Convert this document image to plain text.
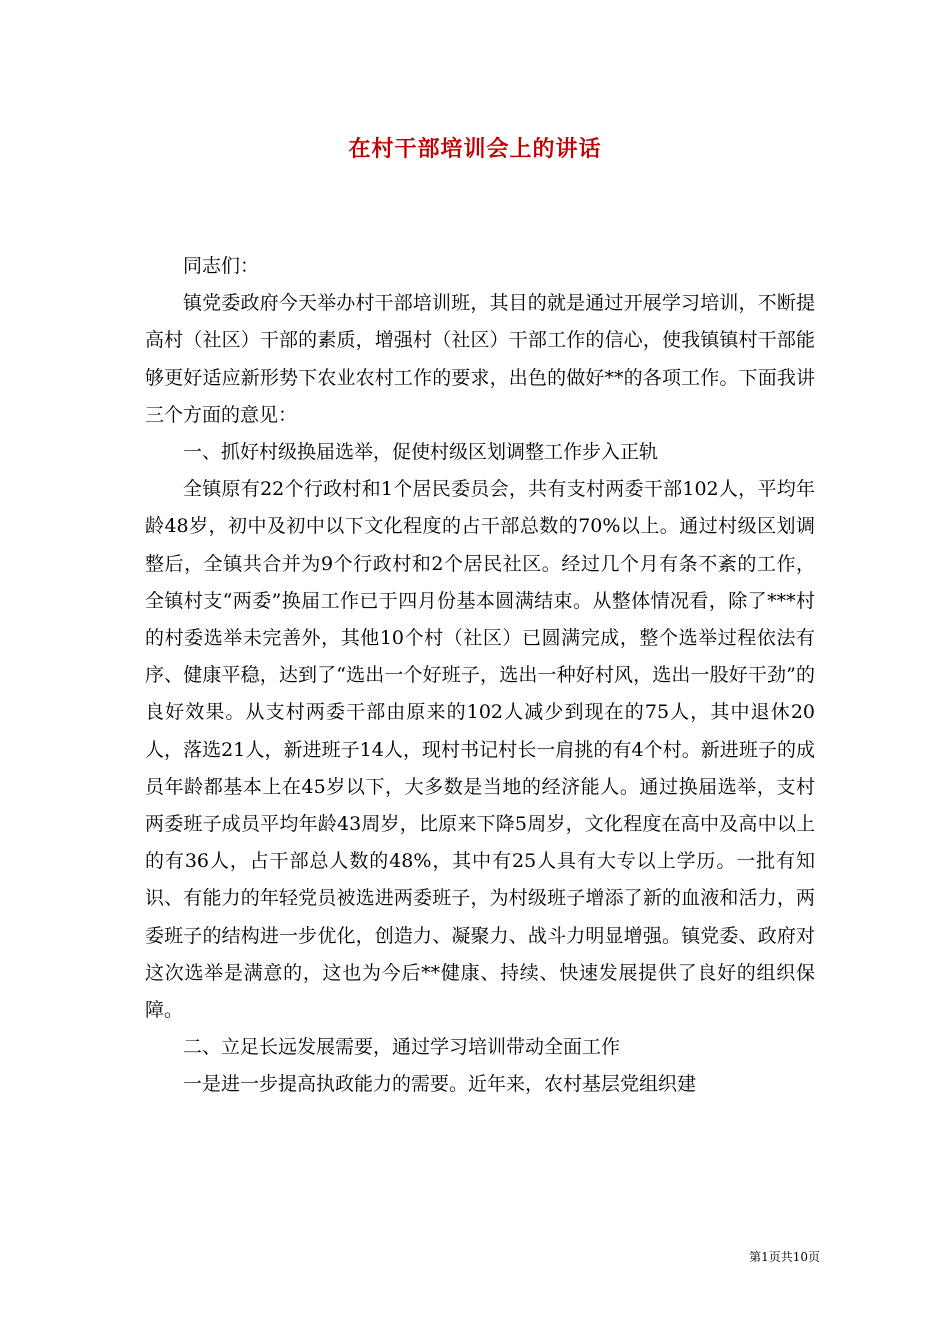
在村干部培训会上的讲话

同志们：

镇党委政府今天举办村干部培训班，其目的就是通过开展学习培训，不断提高村（社区）干部的素质，增强村（社区）干部工作的信心，使我镇镇村干部能够更好适应新形势下农业农村工作的要求，出色的做好**的各项工作。下面我讲三个方面的意见：

一、抓好村级换届选举，促使村级区划调整工作步入正轨

全镇原有22个行政村和1个居民委员会，共有支村两委干部102人，平均年龄48岁，初中及初中以下文化程度的占干部总数的70%以上。通过村级区划调整后，全镇共合并为9个行政村和2个居民社区。经过几个月有条不紊的工作，全镇村支“两委”换届工作已于四月份基本圆满结束。从整体情况看，除了***村的村委选举未完善外，其他10个村（社区）已圆满完成，整个选举过程依法有序、健康平稳，达到了“选出一个好班子，选出一种好村风，选出一股好干劲”的良好效果。从支村两委干部由原来的102人减少到现在的75人，其中退休20人，落选21人，新进班子14人，现村书记村长一肩挑的有4个村。新进班子的成员年龄都基本上在45岁以下，大多数是当地的经济能人。通过换届选举，支村两委班子成员平均年龄43周岁，比原来下降5周岁，文化程度在高中及高中以上的有36人，占干部总人数的48%，其中有25人具有大专以上学历。一批有知识、有能力的年轻党员被选进两委班子，为村级班子增添了新的血液和活力，两委班子的结构进一步优化，创造力、凝聚力、战斗力明显增强。镇党委、政府对这次选举是满意的，这也为今后**健康、持续、快速发展提供了良好的组织保障。

二、立足长远发展需要，通过学习培训带动全面工作

一是进一步提高执政能力的需要。近年来，农村基层党组织建

第1页共10页
